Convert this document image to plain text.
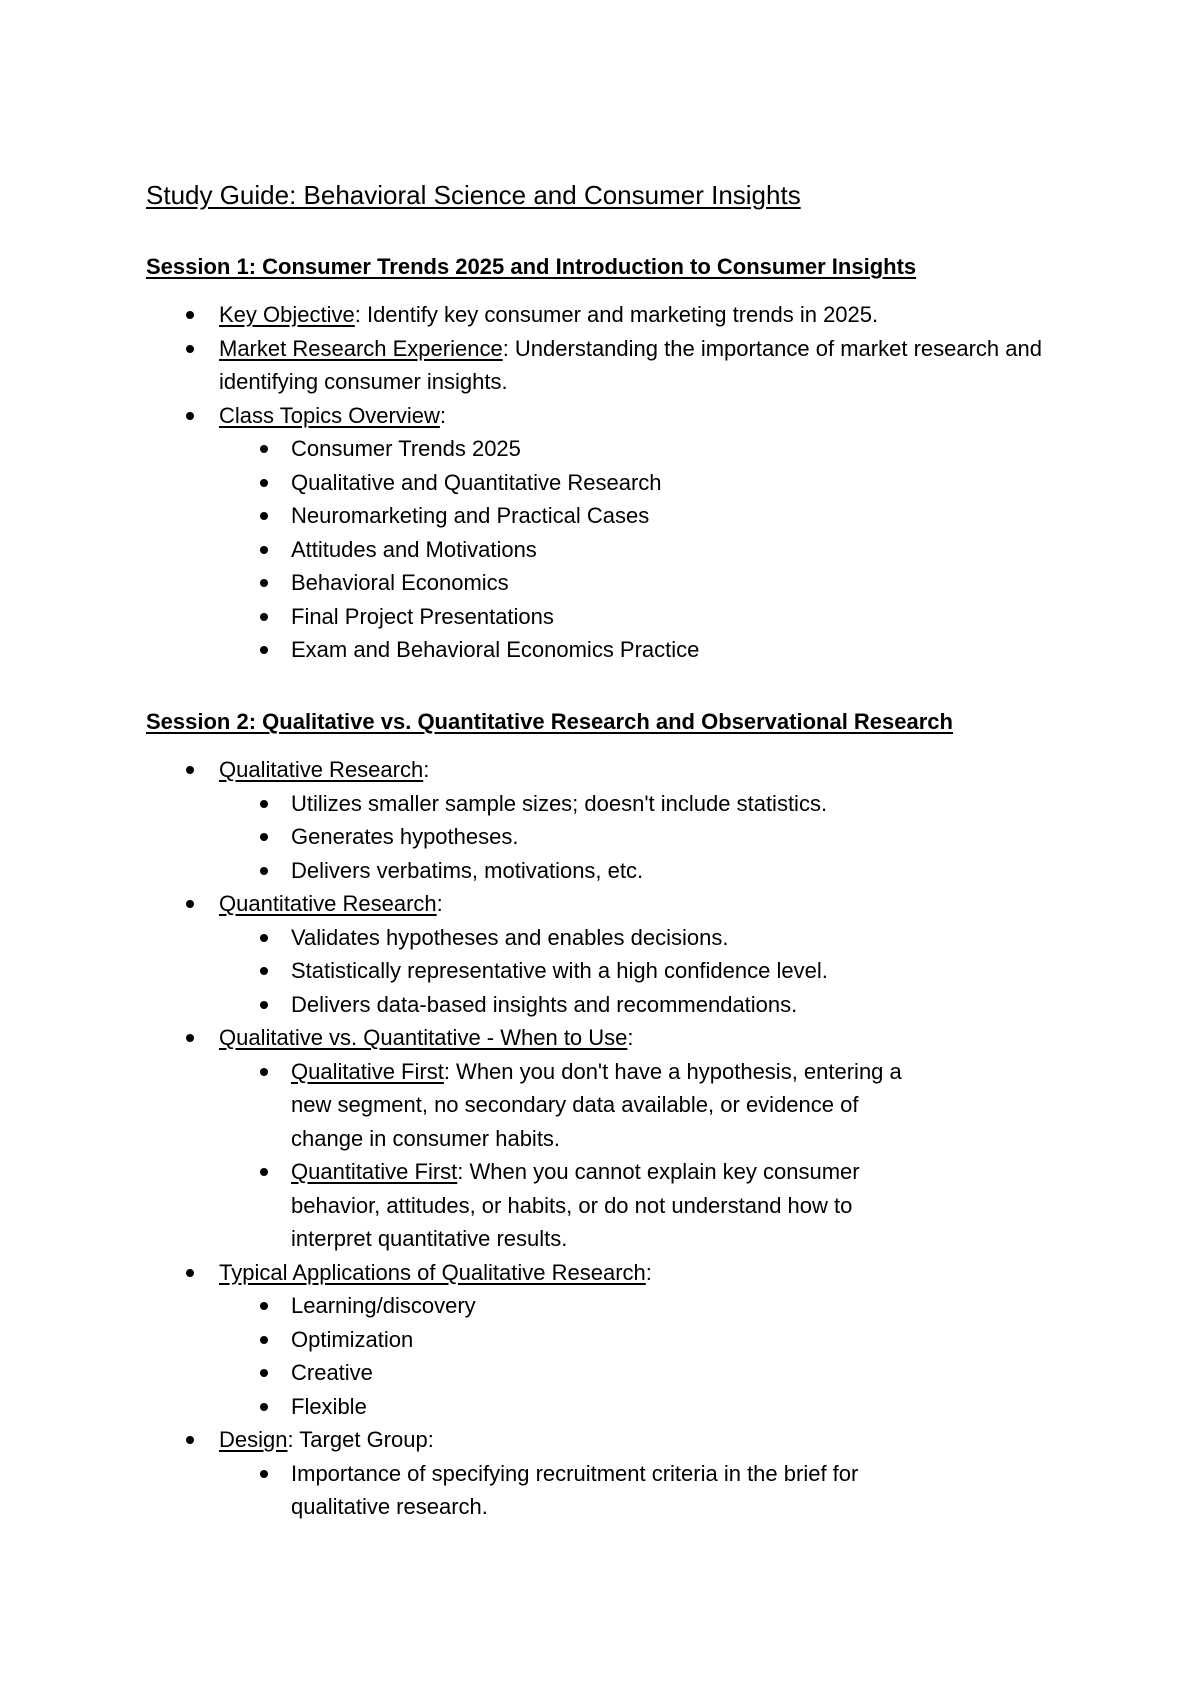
Study Guide: Behavioral Science and Consumer Insights
Session 1: Consumer Trends 2025 and Introduction to Consumer Insights
Key Objective: Identify key consumer and marketing trends in 2025.
Market Research Experience: Understanding the importance of market research and identifying consumer insights.
Class Topics Overview:
Consumer Trends 2025
Qualitative and Quantitative Research
Neuromarketing and Practical Cases
Attitudes and Motivations
Behavioral Economics
Final Project Presentations
Exam and Behavioral Economics Practice
Session 2: Qualitative vs. Quantitative Research and Observational Research
Qualitative Research:
Utilizes smaller sample sizes; doesn't include statistics.
Generates hypotheses.
Delivers verbatims, motivations, etc.
Quantitative Research:
Validates hypotheses and enables decisions.
Statistically representative with a high confidence level.
Delivers data-based insights and recommendations.
Qualitative vs. Quantitative - When to Use:
Qualitative First: When you don't have a hypothesis, entering a new segment, no secondary data available, or evidence of change in consumer habits.
Quantitative First: When you cannot explain key consumer behavior, attitudes, or habits, or do not understand how to interpret quantitative results.
Typical Applications of Qualitative Research:
Learning/discovery
Optimization
Creative
Flexible
Design: Target Group:
Importance of specifying recruitment criteria in the brief for qualitative research.
